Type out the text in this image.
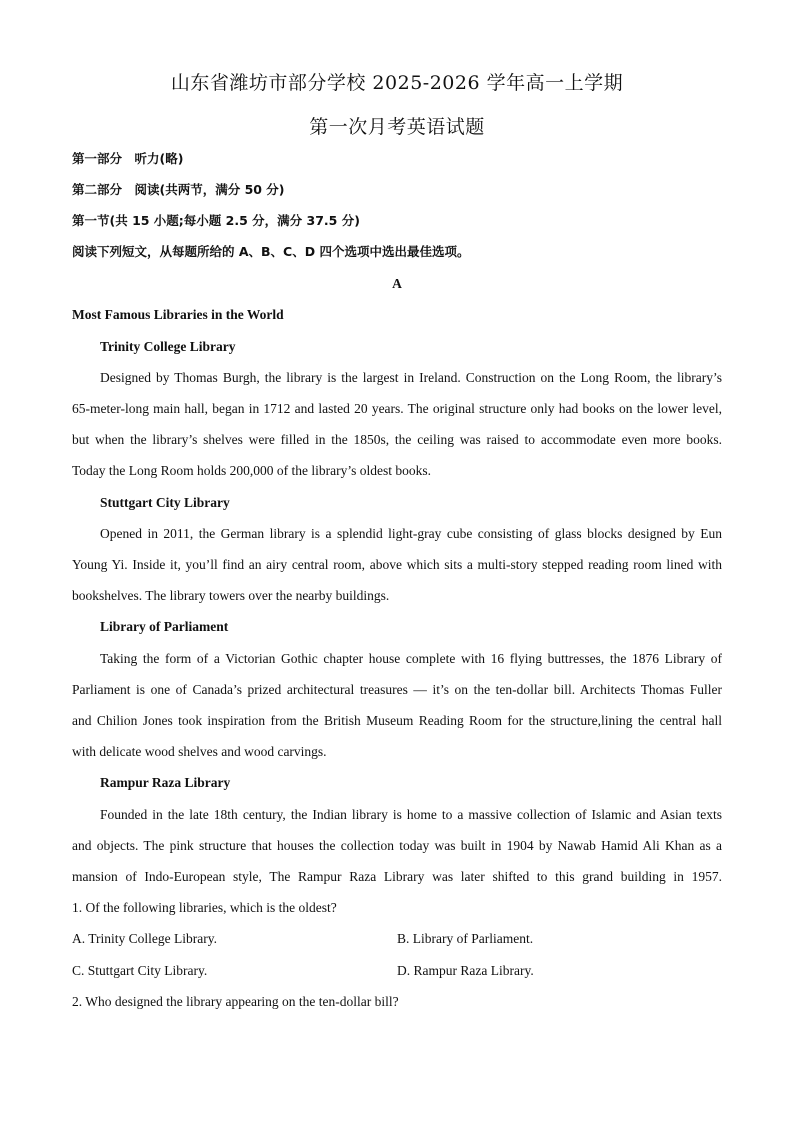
山东省潍坊市部分学校 2025-2026 学年高一上学期
第一次月考英语试题

第一部分　听力(略)

第二部分　阅读(共两节，满分 50 分)

第一节(共 15 小题;每小题 2.5 分，满分 37.5 分)

阅读下列短文，从每题所给的 A、B、C、D 四个选项中选出最佳选项。

A

Most Famous Libraries in the World

Trinity College Library

Designed by Thomas Burgh, the library is the largest in Ireland. Construction on the Long Room, the library’s

65-meter-long main hall, began in 1712 and lasted 20 years. The original structure only had books on the lower level,

but when the library’s shelves were filled in the 1850s, the ceiling was raised to accommodate even more books.

Today the Long Room holds 200,000 of the library’s oldest books.

Stuttgart City Library

Opened in 2011, the German library is a splendid light-gray cube consisting of glass blocks designed by Eun

Young Yi. Inside it, you’ll find an airy central room, above which sits a multi-story stepped reading room lined with

bookshelves. The library towers over the nearby buildings.

Library of Parliament

Taking the form of a Victorian Gothic chapter house complete with 16 flying buttresses, the 1876 Library of

Parliament is one of Canada’s prized architectural treasures — it’s on the ten-dollar bill. Architects Thomas Fuller

and Chilion Jones took inspiration from the British Museum Reading Room for the structure,lining the central hall

with delicate wood shelves and wood carvings.

Rampur Raza Library

Founded in the late 18th century, the Indian library is home to a massive collection of Islamic and Asian texts

and objects. The pink structure that houses the collection today was built in 1904 by Nawab Hamid Ali Khan as a

mansion of Indo-European style, The Rampur Raza Library was later shifted to this grand building in 1957.

1. Of the following libraries, which is the oldest?

A. Trinity College Library.	B. Library of Parliament.

C. Stuttgart City Library.	D. Rampur Raza Library.

2. Who designed the library appearing on the ten-dollar bill?
